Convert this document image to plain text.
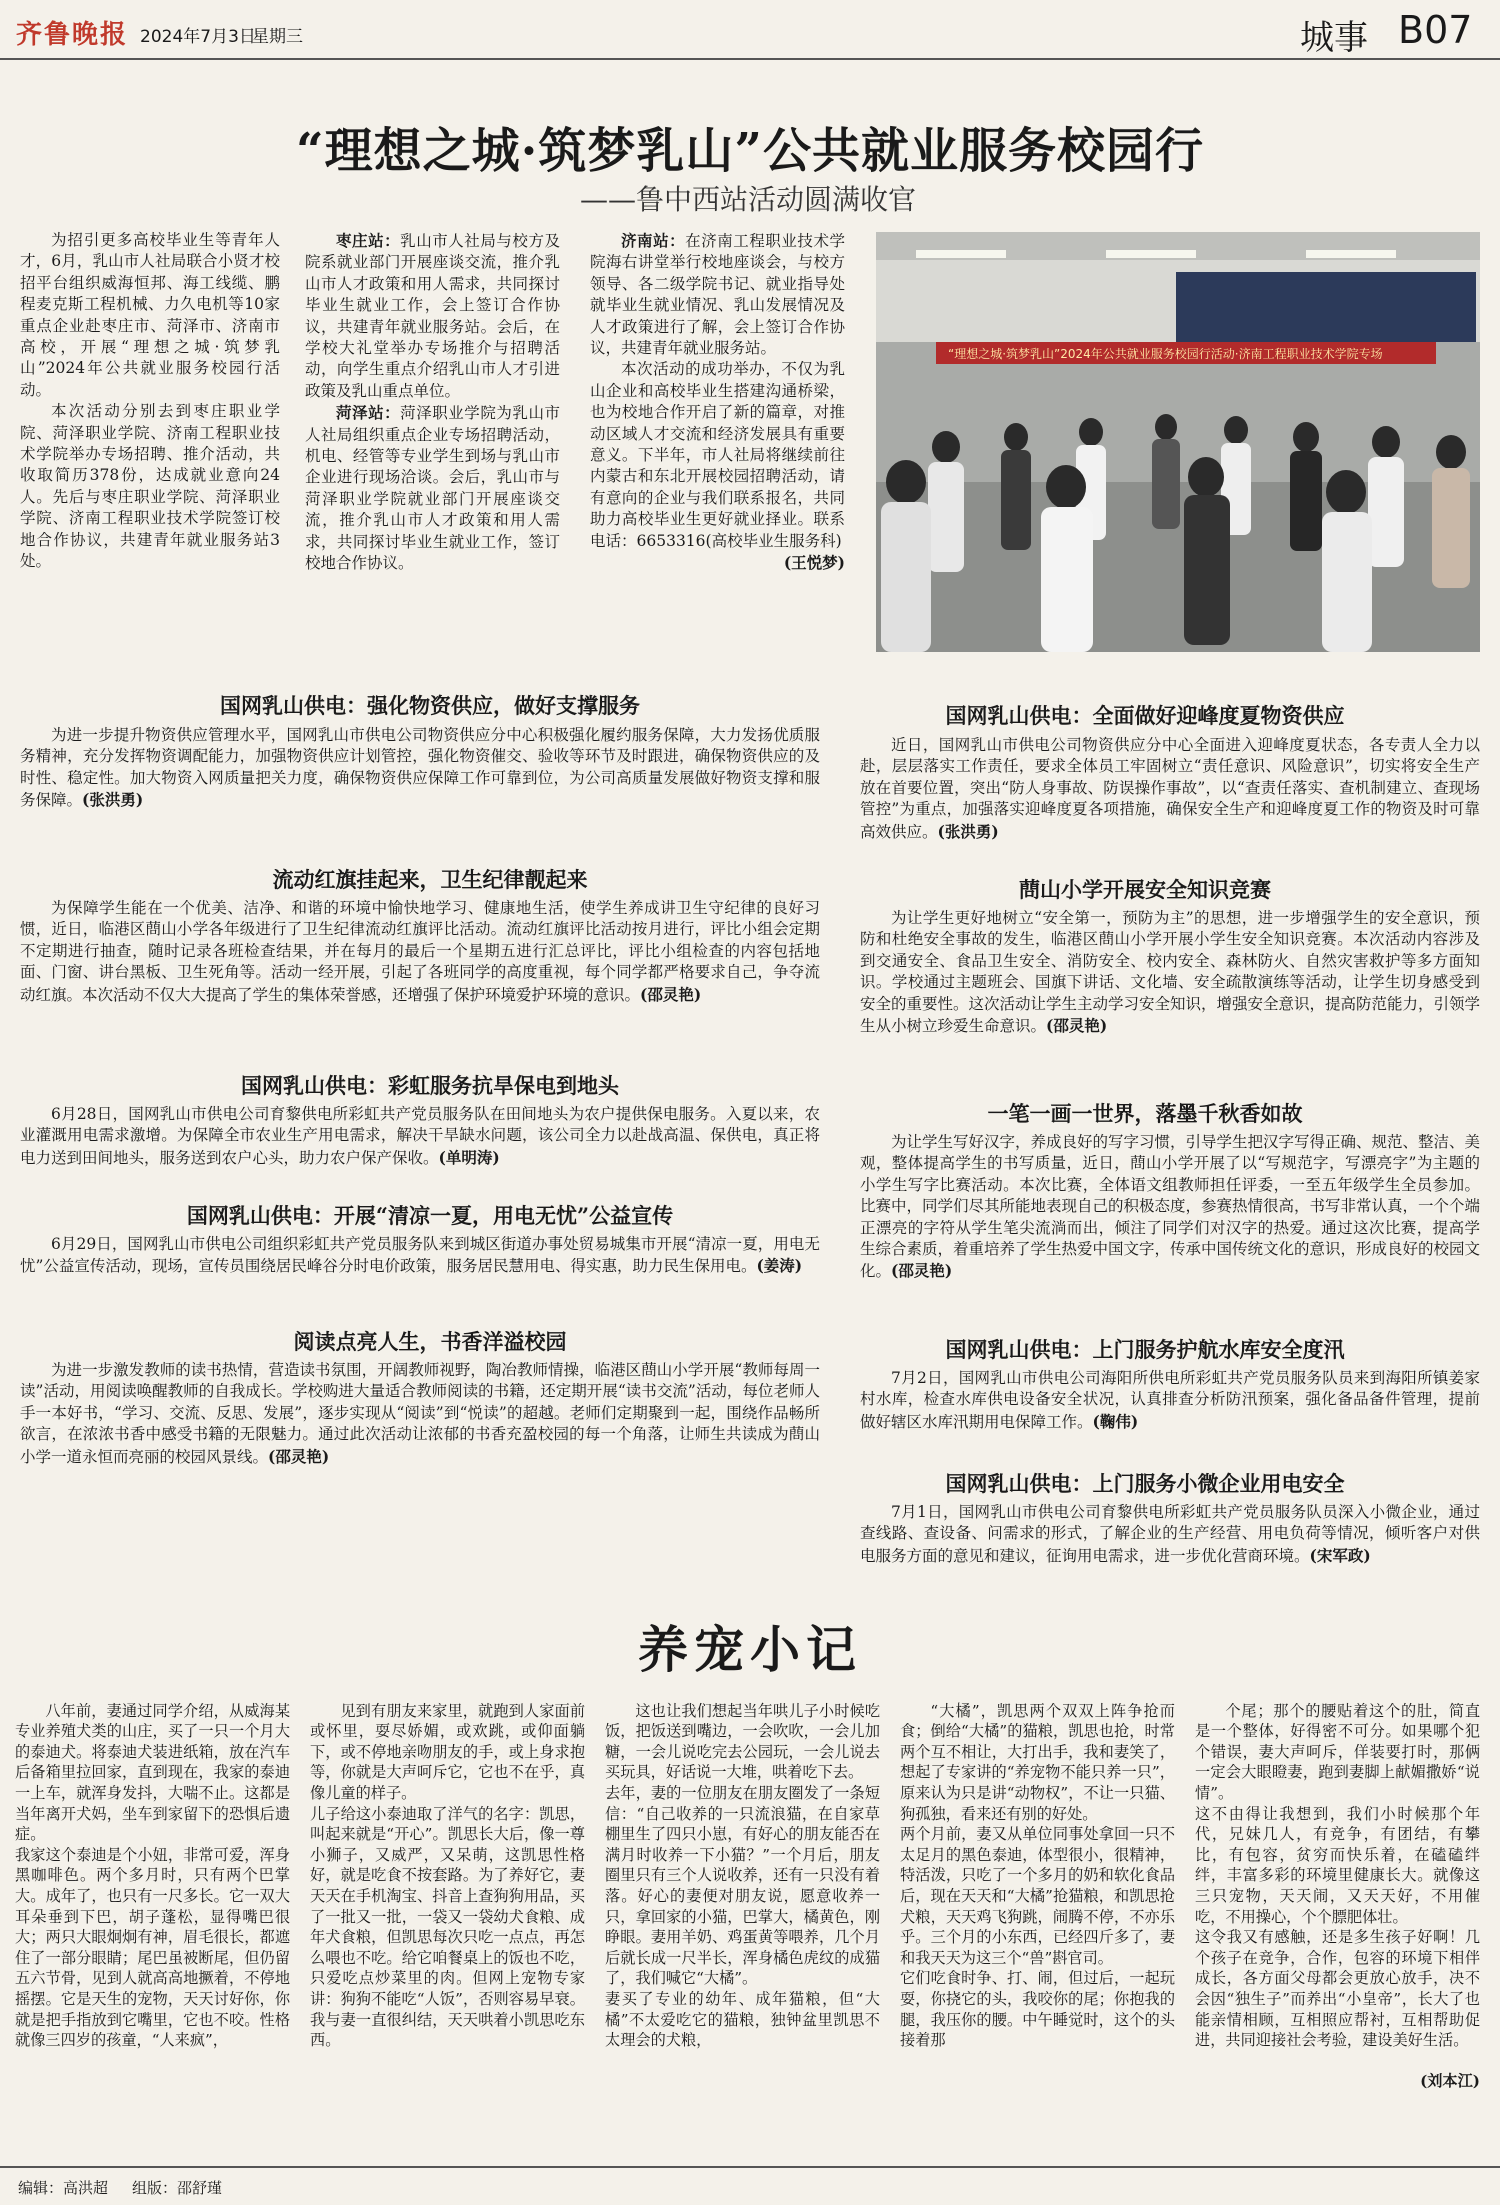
齐鲁晚报 2024年7月3日
星期三	城事 B07
“理想之城·筑梦乳山”公共就业服务校园行
——鲁中西站活动圆满收官

为招引更多高校毕业生等青年人才，6月，乳山市人社局联合小贤才校招平台组织威海恒邦、海工线缆、鹏程麦克斯工程机械、力久电机等10家重点企业赴枣庄市、菏泽市、济南市高校，开展“理想之城·筑梦乳山”2024年公共就业服务校园行活动。

本次活动分别去到枣庄职业学院、菏泽职业学院、济南工程职业技术学院举办专场招聘、推介活动，共收取简历378份，达成就业意向24人。先后与枣庄职业学院、菏泽职业学院、济南工程职业技术学院签订校地合作协议，共建青年就业服务站3处。

枣庄站：乳山市人社局与校方及院系就业部门开展座谈交流，推介乳山市人才政策和用人需求，共同探讨毕业生就业工作，会上签订合作协议，共建青年就业服务站。会后，在学校大礼堂举办专场推介与招聘活动，向学生重点介绍乳山市人才引进政策及乳山重点单位。

菏泽站：菏泽职业学院为乳山市人社局组织重点企业专场招聘活动，机电、经管等专业学生到场与乳山市企业进行现场洽谈。会后，乳山市与菏泽职业学院就业部门开展座谈交流，推介乳山市人才政策和用人需求，共同探讨毕业生就业工作，签订校地合作协议。

济南站：在济南工程职业技术学院海右讲堂举行校地座谈会，与校方领导、各二级学院书记、就业指导处就毕业生就业情况、乳山发展情况及人才政策进行了解，会上签订合作协议，共建青年就业服务站。

本次活动的成功举办，不仅为乳山企业和高校毕业生搭建沟通桥梁，也为校地合作开启了新的篇章，对推动区域人才交流和经济发展具有重要意义。下半年，市人社局将继续前往内蒙古和东北开展校园招聘活动，请有意向的企业与我们联系报名，共同助力高校毕业生更好就业择业。联系电话：6653316(高校毕业生服务科)

(王悦梦)

“理想之城·筑梦乳山”2024年公共就业服务校园行活动·济南工程职业技术学院专场
国网乳山供电：强化物资供应，做好支撑服务

为进一步提升物资供应管理水平，国网乳山市供电公司物资供应分中心积极强化履约服务保障，大力发扬优质服务精神，充分发挥物资调配能力，加强物资供应计划管控，强化物资催交、验收等环节及时跟进，确保物资供应的及时性、稳定性。加大物资入网质量把关力度，确保物资供应保障工作可靠到位，为公司高质量发展做好物资支撑和服务保障。(张洪勇)

流动红旗挂起来，卫生纪律靓起来

为保障学生能在一个优美、洁净、和谐的环境中愉快地学习、健康地生活，使学生养成讲卫生守纪律的良好习惯，近日，临港区蔄山小学各年级进行了卫生纪律流动红旗评比活动。流动红旗评比活动按月进行，评比小组会定期不定期进行抽查，随时记录各班检查结果，并在每月的最后一个星期五进行汇总评比，评比小组检查的内容包括地面、门窗、讲台黑板、卫生死角等。活动一经开展，引起了各班同学的高度重视，每个同学都严格要求自己，争夺流动红旗。本次活动不仅大大提高了学生的集体荣誉感，还增强了保护环境爱护环境的意识。(邵灵艳)

国网乳山供电：彩虹服务抗旱保电到地头

6月28日，国网乳山市供电公司育黎供电所彩虹共产党员服务队在田间地头为农户提供保电服务。入夏以来，农业灌溉用电需求激增。为保障全市农业生产用电需求，解决干旱缺水问题，该公司全力以赴战高温、保供电，真正将电力送到田间地头，服务送到农户心头，助力农户保产保收。(单明涛)

国网乳山供电：开展“清凉一夏，用电无忧”公益宣传

6月29日，国网乳山市供电公司组织彩虹共产党员服务队来到城区街道办事处贸易城集市开展“清凉一夏，用电无忧”公益宣传活动，现场，宣传员围绕居民峰谷分时电价政策，服务居民慧用电、得实惠，助力民生保用电。(姜涛)

阅读点亮人生，书香洋溢校园

为进一步激发教师的读书热情，营造读书氛围，开阔教师视野，陶冶教师情操，临港区蔄山小学开展“教师每周一读”活动，用阅读唤醒教师的自我成长。学校购进大量适合教师阅读的书籍，还定期开展“读书交流”活动，每位老师人手一本好书，“学习、交流、反思、发展”，逐步实现从“阅读”到“悦读”的超越。老师们定期聚到一起，围绕作品畅所欲言，在浓浓书香中感受书籍的无限魅力。通过此次活动让浓郁的书香充盈校园的每一个角落，让师生共读成为蔄山小学一道永恒而亮丽的校园风景线。(邵灵艳)

国网乳山供电：全面做好迎峰度夏物资供应

近日，国网乳山市供电公司物资供应分中心全面进入迎峰度夏状态，各专责人全力以赴，层层落实工作责任，要求全体员工牢固树立“责任意识、风险意识”，切实将安全生产放在首要位置，突出“防人身事故、防误操作事故”，以“查责任落实、查机制建立、查现场管控”为重点，加强落实迎峰度夏各项措施，确保安全生产和迎峰度夏工作的物资及时可靠高效供应。(张洪勇)

蔄山小学开展安全知识竞赛

为让学生更好地树立“安全第一，预防为主”的思想，进一步增强学生的安全意识，预防和杜绝安全事故的发生，临港区蔄山小学开展小学生安全知识竞赛。本次活动内容涉及到交通安全、食品卫生安全、消防安全、校内安全、森林防火、自然灾害救护等多方面知识。学校通过主题班会、国旗下讲话、文化墙、安全疏散演练等活动，让学生切身感受到安全的重要性。这次活动让学生主动学习安全知识，增强安全意识，提高防范能力，引领学生从小树立珍爱生命意识。(邵灵艳)

一笔一画一世界，落墨千秋香如故

为让学生写好汉字，养成良好的写字习惯，引导学生把汉字写得正确、规范、整洁、美观，整体提高学生的书写质量，近日，蔄山小学开展了以“写规范字，写漂亮字”为主题的小学生写字比赛活动。本次比赛，全体语文组教师担任评委，一至五年级学生全员参加。比赛中，同学们尽其所能地表现自己的积极态度，参赛热情很高，书写非常认真，一个个端正漂亮的字符从学生笔尖流淌而出，倾注了同学们对汉字的热爱。通过这次比赛，提高学生综合素质，着重培养了学生热爱中国文字，传承中国传统文化的意识，形成良好的校园文化。(邵灵艳)

国网乳山供电：上门服务护航水库安全度汛

7月2日，国网乳山市供电公司海阳所供电所彩虹共产党员服务队员来到海阳所镇姜家村水库，检查水库供电设备安全状况，认真排查分析防汛预案，强化备品备件管理，提前做好辖区水库汛期用电保障工作。(鞠伟)

国网乳山供电：上门服务小微企业用电安全

7月1日，国网乳山市供电公司育黎供电所彩虹共产党员服务队员深入小微企业，通过查线路、查设备、问需求的形式，了解企业的生产经营、用电负荷等情况，倾听客户对供电服务方面的意见和建议，征询用电需求，进一步优化营商环境。(宋军政)

养宠小记

八年前，妻通过同学介绍，从威海某专业养殖犬类的山庄，买了一只一个月大的泰迪犬。将泰迪犬装进纸箱，放在汽车后备箱里拉回家，直到现在，我家的泰迪一上车，就浑身发抖，大喘不止。这都是当年离开犬妈，坐车到家留下的恐惧后遗症。
我家这个泰迪是个小妞，非常可爱，浑身黑咖啡色。两个多月时，只有两个巴掌大。成年了，也只有一尺多长。它一双大耳朵垂到下巴，胡子蓬松，显得嘴巴很大；两只大眼炯炯有神，眉毛很长，都遮住了一部分眼睛；尾巴虽被断尾，但仍留五六节骨，见到人就高高地撅着，不停地摇摆。它是天生的宠物，天天讨好你，你就是把手指放到它嘴里，它也不咬。性格就像三四岁的孩童，“人来疯”，

见到有朋友来家里，就跑到人家面前或怀里，耍尽娇媚，或欢跳，或仰面躺下，或不停地亲吻朋友的手，或上身求抱等，你就是大声呵斥它，它也不在乎，真像儿童的样子。
儿子给这小泰迪取了洋气的名字：凯思，叫起来就是“开心”。凯思长大后，像一尊小狮子，又威严，又呆萌，这凯思性格好，就是吃食不按套路。为了养好它，妻天天在手机淘宝、抖音上查狗狗用品，买了一批又一批，一袋又一袋幼犬食粮、成年犬食粮，但凯思每次只吃一点点，再怎么喂也不吃。给它咱餐桌上的饭也不吃，只爱吃点炒菜里的肉。但网上宠物专家讲：狗狗不能吃“人饭”，否则容易早衰。我与妻一直很纠结，天天哄着小凯思吃东西。

这也让我们想起当年哄儿子小时候吃饭，把饭送到嘴边，一会吹吹，一会儿加糖，一会儿说吃完去公园玩，一会儿说去买玩具，好话说一大堆，哄着吃下去。
去年，妻的一位朋友在朋友圈发了一条短信：“自己收养的一只流浪猫，在自家草棚里生了四只小崽，有好心的朋友能否在满月时收养一下小猫？”一个月后，朋友圈里只有三个人说收养，还有一只没有着落。好心的妻便对朋友说，愿意收养一只，拿回家的小猫，巴掌大，橘黄色，刚睁眼。妻用羊奶、鸡蛋黄等喂养，几个月后就长成一尺半长，浑身橘色虎纹的成猫了，我们喊它“大橘”。
妻买了专业的幼年、成年猫粮，但“大橘”不太爱吃它的猫粮，独钟盆里凯思不太理会的犬粮，

“大橘”，凯思两个双双上阵争抢而食；倒给“大橘”的猫粮，凯思也抢，时常两个互不相让，大打出手，我和妻笑了，想起了专家讲的“养宠物不能只养一只”，原来认为只是讲“动物权”，不让一只猫、狗孤独，看来还有别的好处。
两个月前，妻又从单位同事处拿回一只不太足月的黑色泰迪，体型很小，很精神，特活泼，只吃了一个多月的奶和软化食品后，现在天天和“大橘”抢猫粮，和凯思抢犬粮，天天鸡飞狗跳，闹腾不停，不亦乐乎。三个月的小东西，已经四斤多了，妻和我天天为这三个“兽”斟官司。
它们吃食时争、打、闹，但过后，一起玩耍，你挠它的头，我咬你的尾；你抱我的腿，我压你的腰。中午睡觉时，这个的头接着那

个尾；那个的腰贴着这个的肚，简直是一个整体，好得密不可分。如果哪个犯个错误，妻大声呵斥，佯装要打时，那俩一定会大眼瞪妻，跑到妻脚上献媚撒娇“说情”。
这不由得让我想到，我们小时候那个年代，兄妹几人，有竞争，有团结，有攀比，有包容，贫穷而快乐着，在磕磕绊绊，丰富多彩的环境里健康长大。就像这三只宠物，天天闹，又天天好，不用催吃，不用操心，个个膘肥体壮。
这令我又有感触，还是多生孩子好啊！几个孩子在竞争，合作，包容的环境下相伴成长，各方面父母都会更放心放手，决不会因“独生子”而养出“小皇帝”，长大了也能亲情相顾，互相照应帮衬，互相帮助促进，共同迎接社会考验，建设美好生活。

(刘本江)

编辑：高洪超 组版：邵舒瑾
